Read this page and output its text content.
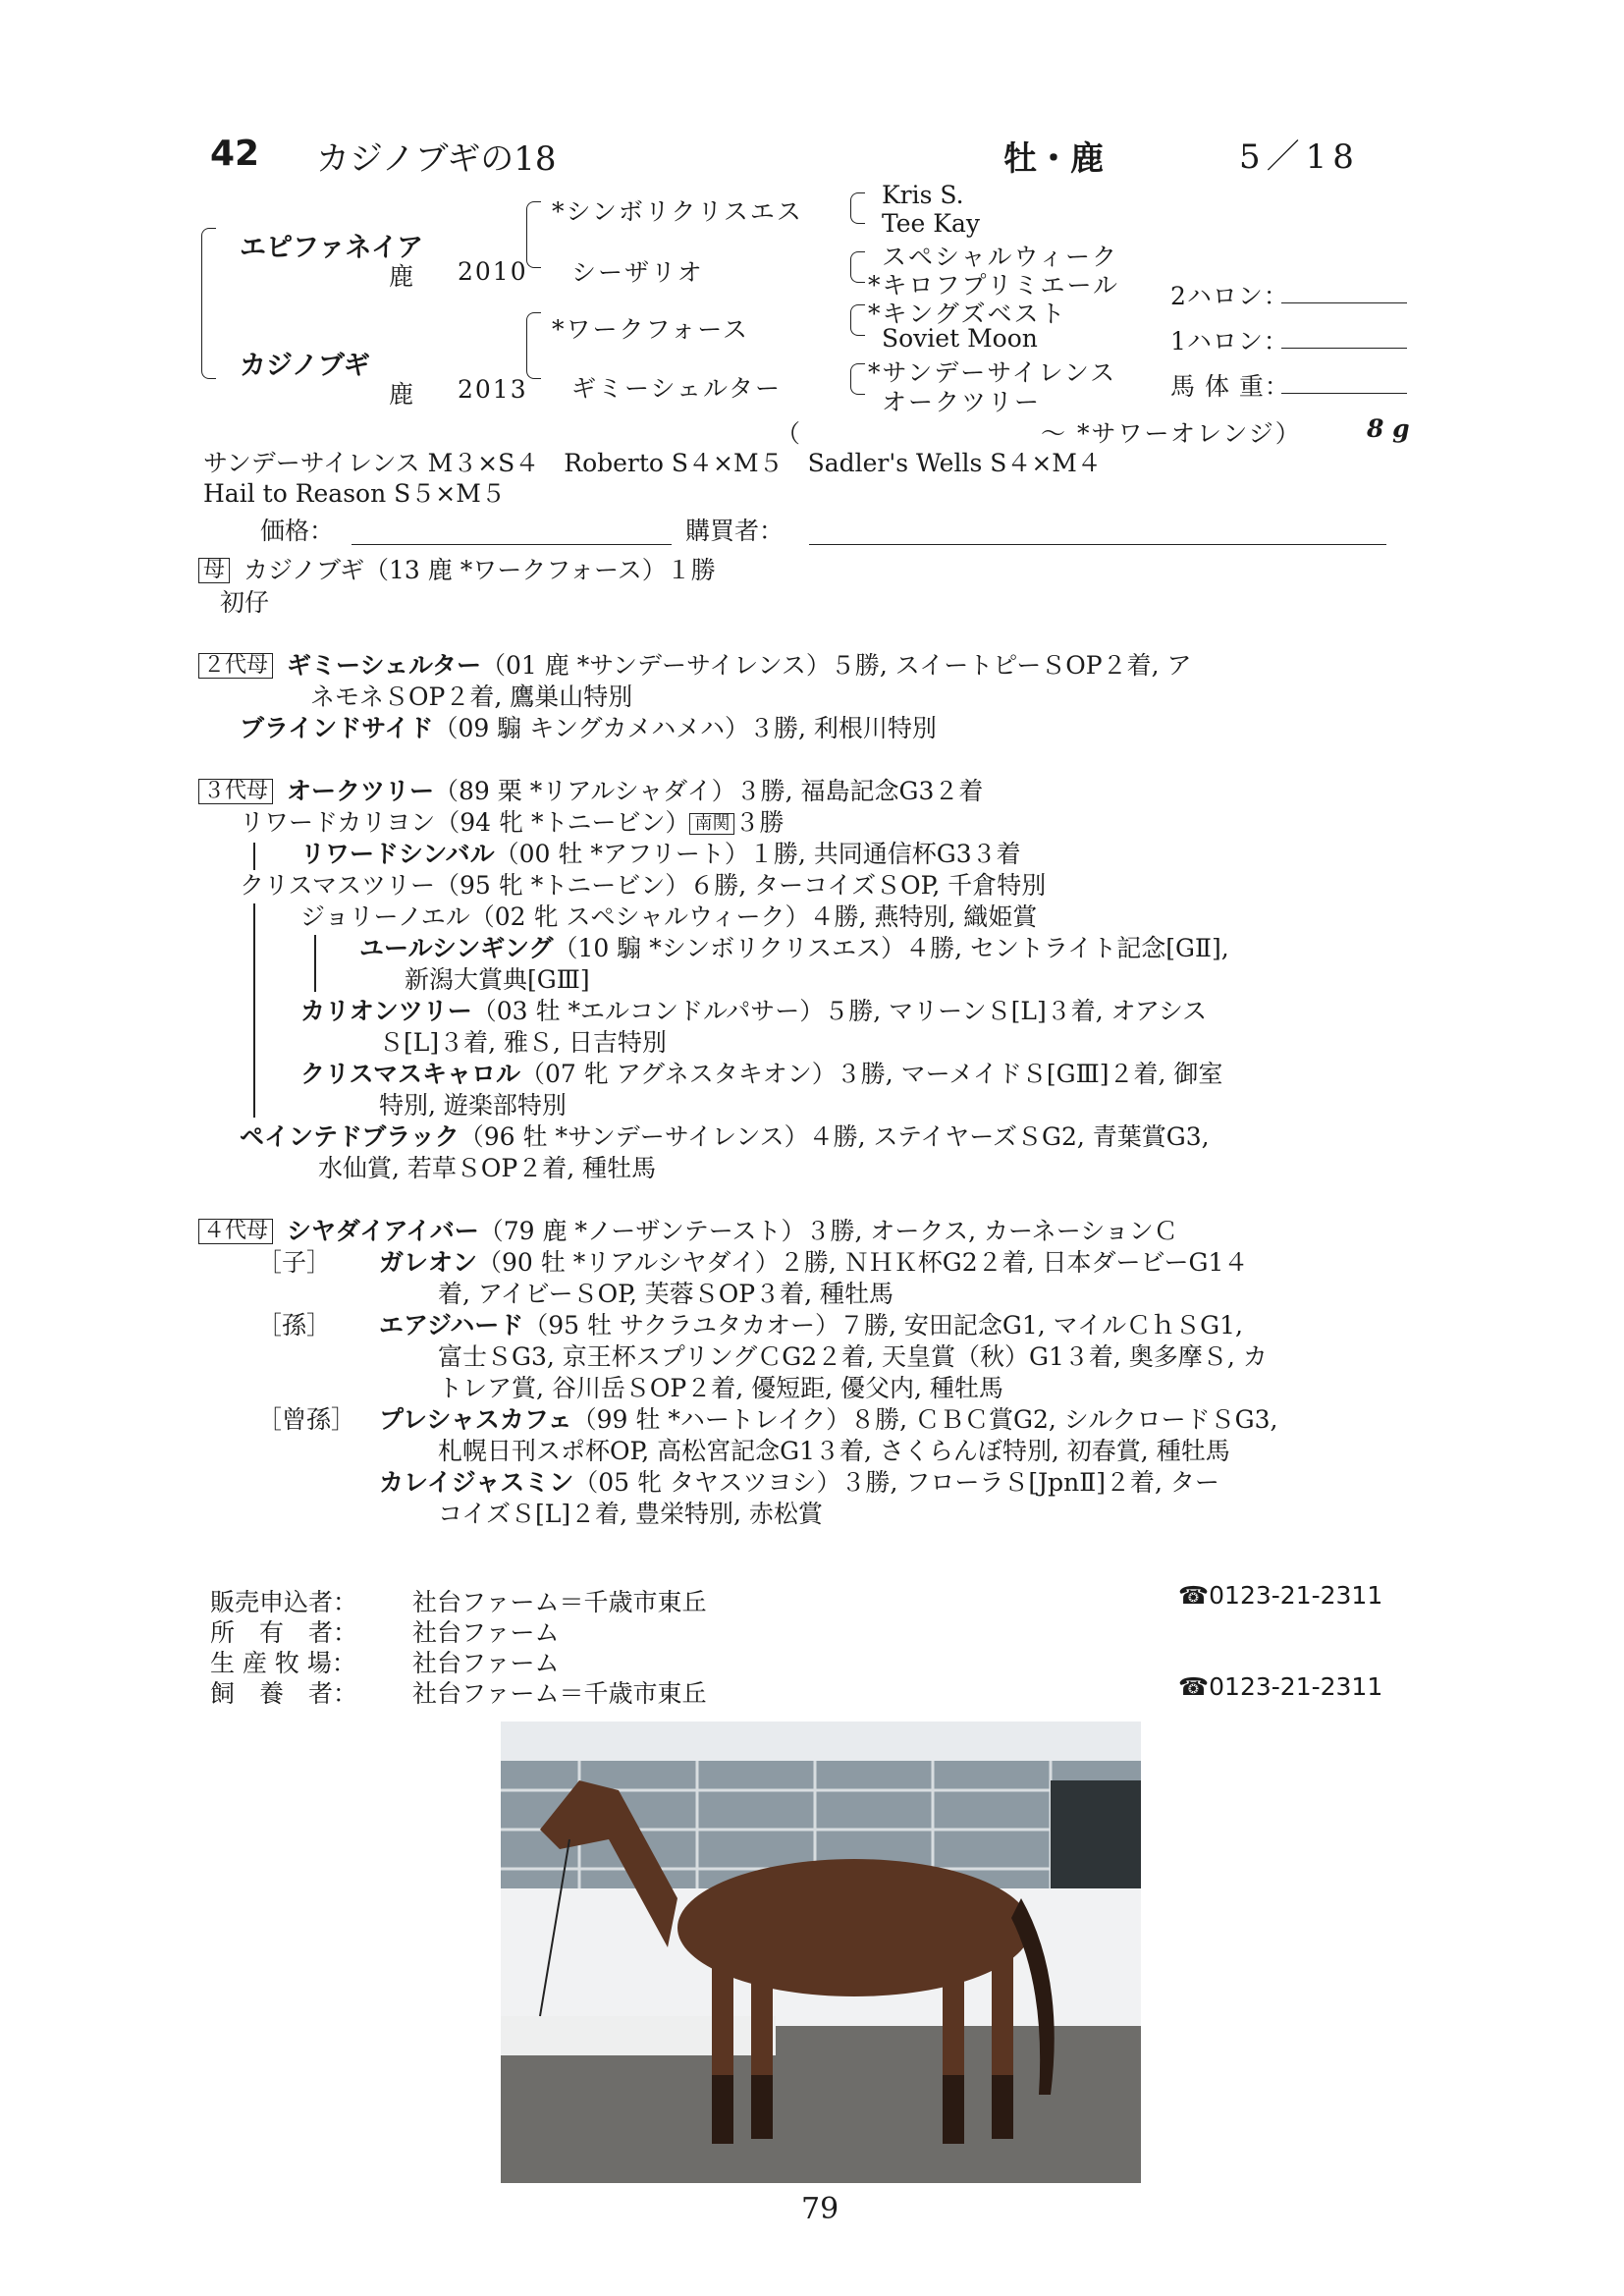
42 カジノブギの18	牡・鹿	5／18
エピファネイア
鹿 2010
カジノブギ
鹿 2013
*シンボリクリスエス
シーザリオ
*ワークフォース
ギミーシェルター
Kris S.
Tee Kay
スペシャルウィーク
*キロフプリミエール
*キングズベスト
Soviet Moon
*サンデーサイレンス
オークツリー
（　　　　　　　　　〜 *サワーオレンジ）	8 g
2ハロン：
1ハロン：
馬 体 重：
サンデーサイレンス M３×S４　Roberto S４×M５　Sadler's Wells S４×M４
Hail to Reason S５×M５
価格：	購買者：
母 カジノブギ（13 鹿 *ワークフォース）１勝
初仔
２代母 ギミーシェルター（01 鹿 *サンデーサイレンス）５勝, スイートピーＳOP２着, ア
ネモネＳOP２着, 鷹巣山特別
ブラインドサイド（09 騸 キングカメハメハ）３勝, 利根川特別
３代母 オークツリー（89 栗 *リアルシャダイ）３勝, 福島記念G3２着
リワードカリヨン（94 牝 *トニービン） 南関 ３勝
リワードシンバル（00 牡 *アフリート）１勝, 共同通信杯G3３着
クリスマスツリー（95 牝 *トニービン）６勝, ターコイズＳOP, 千倉特別
ジョリーノエル（02 牝 スペシャルウィーク）４勝, 燕特別, 織姫賞
ユールシンギング（10 騸 *シンボリクリスエス）４勝, セントライト記念[GⅡ],
新潟大賞典[GⅢ]
カリオンツリー（03 牡 *エルコンドルパサー）５勝, マリーンＳ[L]３着, オアシス
Ｓ[L]３着, 雅Ｓ, 日吉特別
クリスマスキャロル（07 牝 アグネスタキオン）３勝, マーメイドＳ[GⅢ]２着, 御室
特別, 遊楽部特別
ペインテドブラック（96 牡 *サンデーサイレンス）４勝, ステイヤーズＳG2, 青葉賞G3,
水仙賞, 若草ＳOP２着, 種牡馬
４代母 シヤダイアイバー（79 鹿 *ノーザンテースト）３勝, オークス, カーネーションＣ
［子］ ガレオン（90 牡 *リアルシヤダイ）２勝, ＮＨＫ杯G2２着, 日本ダービーG1４
着, アイビーＳOP, 芙蓉ＳOP３着, 種牡馬
［孫］ エアジハード（95 牡 サクラユタカオー）７勝, 安田記念G1, マイルＣｈＳG1,
富士ＳG3, 京王杯スプリングＣG2２着, 天皇賞（秋）G1３着, 奥多摩Ｓ, カ
トレア賞, 谷川岳ＳOP２着, 優短距, 優父内, 種牡馬
［曾孫］ プレシャスカフェ（99 牡 *ハートレイク）８勝, ＣＢＣ賞G2, シルクロードＳG3,
札幌日刊スポ杯OP, 高松宮記念G1３着, さくらんぼ特別, 初春賞, 種牡馬
カレイジャスミン（05 牝 タヤスツヨシ）３勝, フローラＳ[JpnⅡ]２着, ター
コイズＳ[L]２着, 豊栄特別, 赤松賞
販売申込者： 社台ファーム＝千歳市東丘	☎0123-21-2311
所　有　者： 社台ファーム
生 産 牧 場： 社台ファーム
飼　養　者： 社台ファーム＝千歳市東丘	☎0123-21-2311
79
